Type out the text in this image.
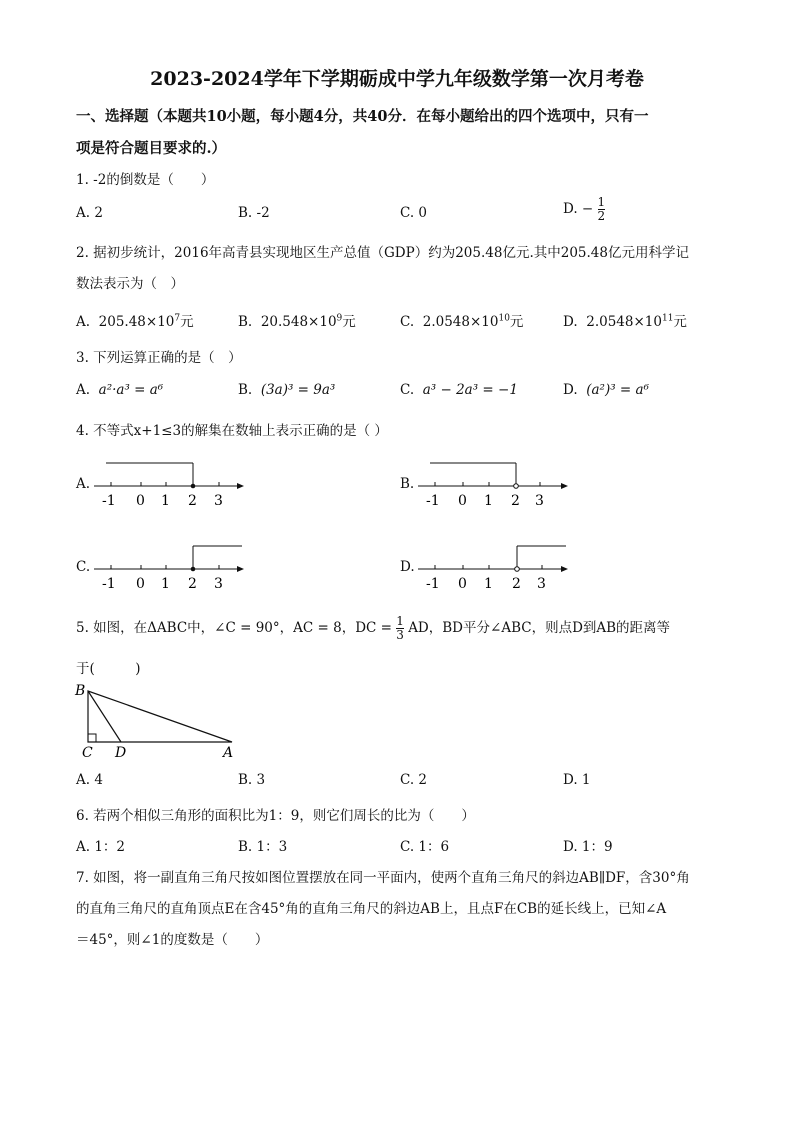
2023-2024学年下学期砺成中学九年级数学第一次月考卷
一、选择题（本题共10小题，每小题4分，共40分．在每小题给出的四个选项中，只有一
项是符合题目要求的.）
1. -2的倒数是（　　）
A. 2	B. -2	C. 0	D. − $\frac{1}{2}$
2. 据初步统计，2016年高青县实现地区生产总值（GDP）约为205.48亿元.其中205.48亿元用科学记
数法表示为（　）
A. $205.48\times 10^7$元	B. $20.548\times 10^9$元	C. $2.0548\times 10^{10}$元	D. $2.0548\times 10^{11}$元
3. 下列运算正确的是（　）
A. a²·a³ = a⁶	B. (3a)³ = 9a³	C. a³ − 2a³ = −1	D. (a²)³ = a⁶
4. 不等式x+1≤3的解集在数轴上表示正确的是（ ）
A.
-1 0 1 2 3
B.
-1 0 1 2 3
C.
-1 0 1 2 3
D.
-1 0 1 2 3
5. 如图，在ΔABC中，∠C = 90°，AC = 8，DC = $\frac{1}{3}$ AD，BD平分∠ABC，则点D到AB的距离等
于(　　　)
B
C D	A
A. 4	B. 3	C. 2	D. 1
6. 若两个相似三角形的面积比为1：9，则它们周长的比为（　　）
A. 1：2	B. 1：3	C. 1：6	D. 1：9
7. 如图，将一副直角三角尺按如图位置摆放在同一平面内，使两个直角三角尺的斜边AB∥DF，含30°角
的直角三角尺的直角顶点E在含45°角的直角三角尺的斜边AB上，且点F在CB的延长线上，已知∠A
＝45°，则∠1的度数是（　　）
